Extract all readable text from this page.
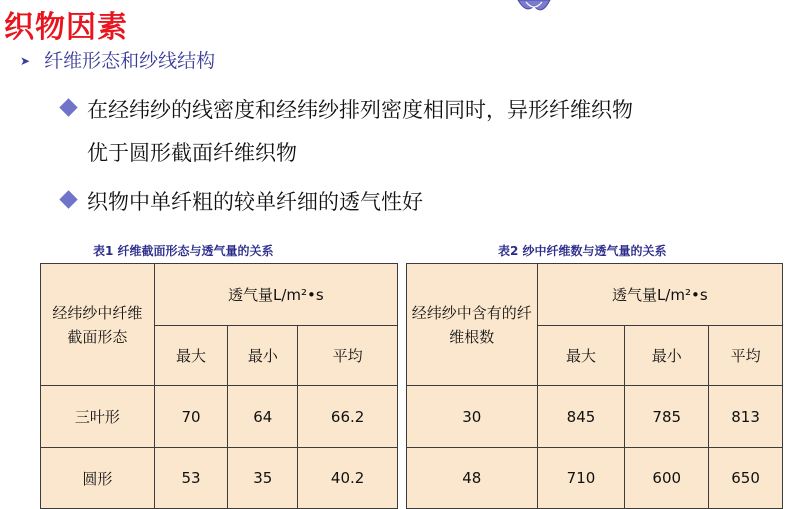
织物因素
➤ 纤维形态和纱线结构
在经纬纱的线密度和经纬纱排列密度相同时，异形纤维织物
优于圆形截面纤维织物
织物中单纤粗的较单纤细的透气性好
表1 纤维截面形态与透气量的关系	表2 纱中纤维数与透气量的关系
经纬纱中纤维截面形态	透气量L/m²•s		
	最大	最小	平均
三叶形	70	64	66.2
圆形	53	35	40.2
经纬纱中含有的纤维根数	透气量L/m²•s		
	最大	最小	平均
30	845	785	813
48	710	600	650
